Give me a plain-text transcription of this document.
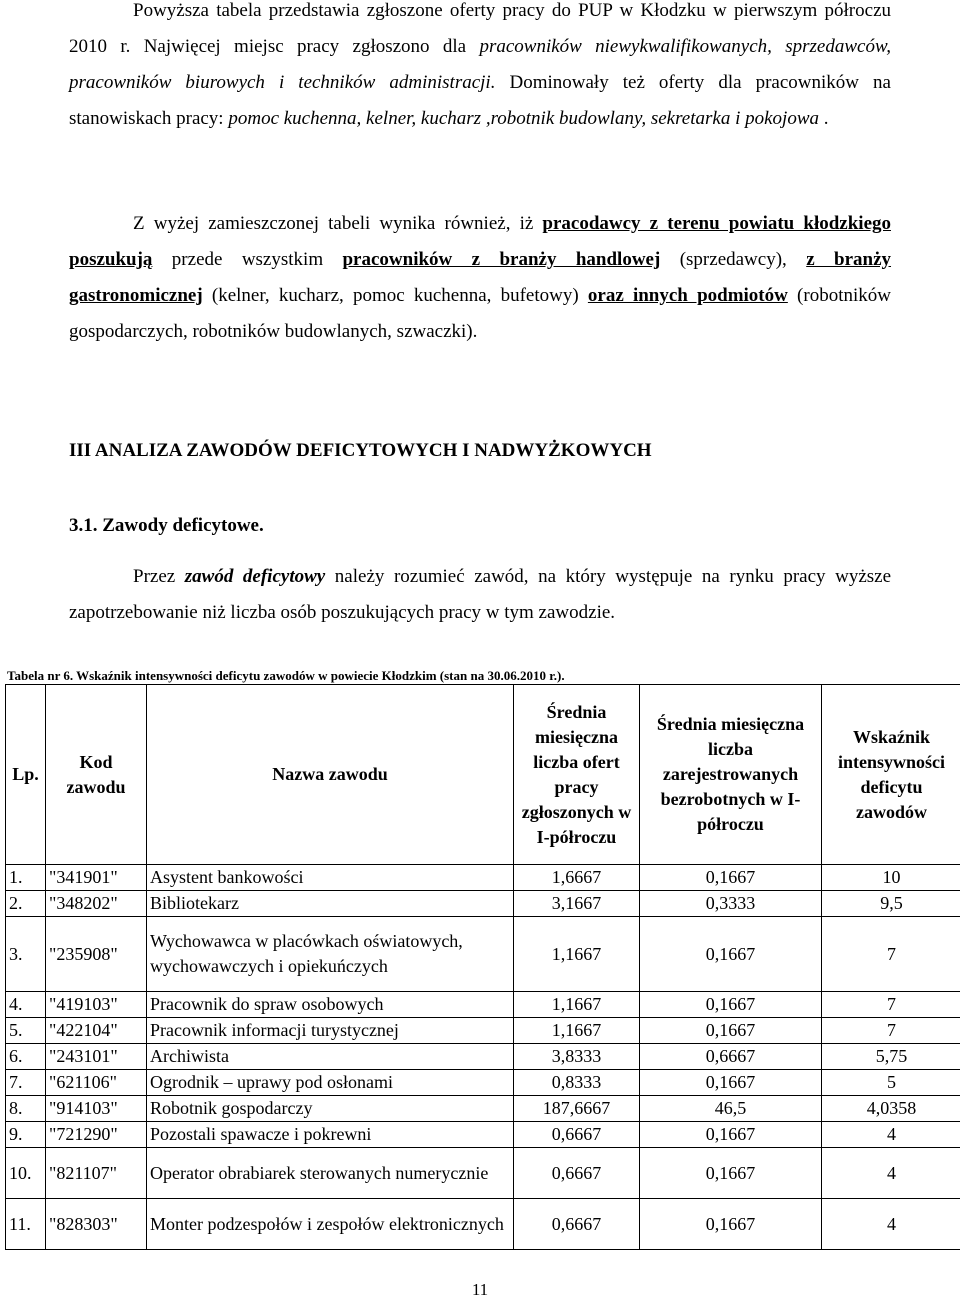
Powyższa tabela przedstawia zgłoszone oferty pracy do PUP w Kłodzku w pierwszym półroczu 2010 r. Najwięcej miejsc pracy zgłoszono dla pracowników niewykwalifikowanych, sprzedawców, pracowników biurowych i techników administracji. Dominowały też oferty dla pracowników na stanowiskach pracy: pomoc kuchenna, kelner, kucharz ,robotnik budowlany, sekretarka i pokojowa .
Z wyżej zamieszczonej tabeli wynika również, iż pracodawcy z terenu powiatu kłodzkiego poszukują przede wszystkim pracowników z branży handlowej (sprzedawcy), z branży gastronomicznej (kelner, kucharz, pomoc kuchenna, bufetowy) oraz innych podmiotów (robotników gospodarczych, robotników budowlanych, szwaczki).
III ANALIZA ZAWODÓW DEFICYTOWYCH I NADWYŻKOWYCH
3.1. Zawody deficytowe.
Przez zawód deficytowy należy rozumieć zawód, na który występuje na rynku pracy wyższe zapotrzebowanie niż liczba osób poszukujących pracy w tym zawodzie.
Tabela nr 6. Wskaźnik intensywności deficytu zawodów w powiecie Kłodzkim (stan na 30.06.2010 r.).
Lp.	Kod zawodu	Nazwa zawodu	Średnia miesięczna liczba ofert pracy zgłoszonych w I-półroczu	Średnia miesięczna liczba zarejestrowanych bezrobotnych w I-półroczu	Wskaźnik intensywności deficytu zawodów
1.	"341901"	Asystent bankowości	1,6667	0,1667	10
2.	"348202"	Bibliotekarz	3,1667	0,3333	9,5
3.	"235908"	Wychowawca w placówkach oświatowych, wychowawczych i opiekuńczych	1,1667	0,1667	7
4.	"419103"	Pracownik do spraw osobowych	1,1667	0,1667	7
5.	"422104"	Pracownik informacji turystycznej	1,1667	0,1667	7
6.	"243101"	Archiwista	3,8333	0,6667	5,75
7.	"621106"	Ogrodnik – uprawy pod osłonami	0,8333	0,1667	5
8.	"914103"	Robotnik gospodarczy	187,6667	46,5	4,0358
9.	"721290"	Pozostali spawacze i pokrewni	0,6667	0,1667	4
10.	"821107"	Operator obrabiarek sterowanych numerycznie	0,6667	0,1667	4
11.	"828303"	Monter podzespołów i zespołów elektronicznych	0,6667	0,1667	4
11
